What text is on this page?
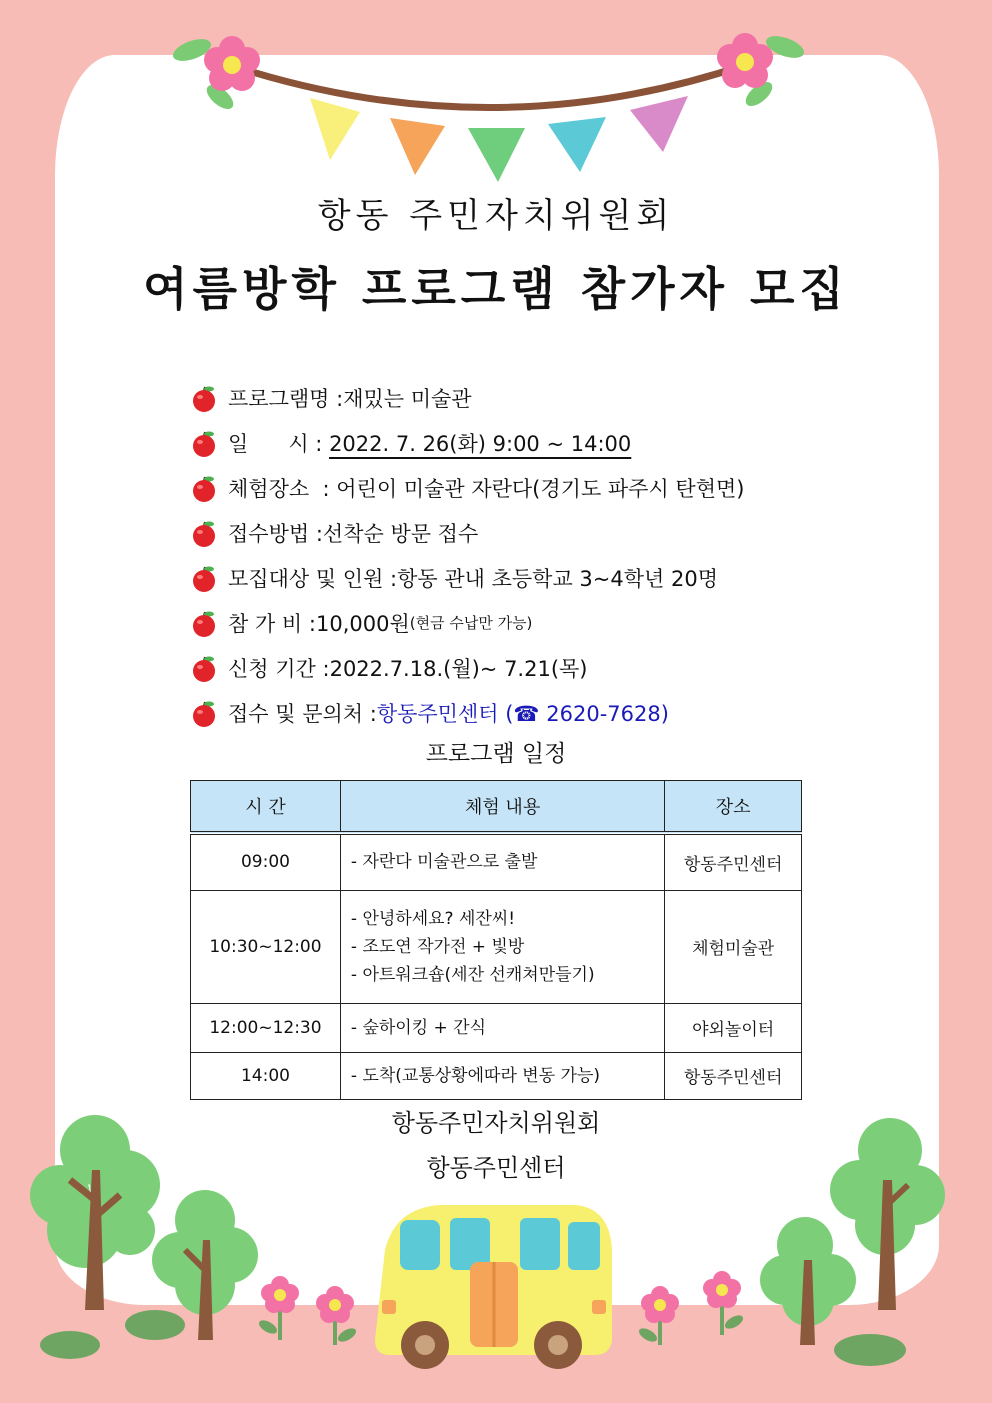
항동 주민자치위원회
여름방학 프로그램 참가자 모집
프로그램명 : 재밌는 미술관
일      시 : 2022. 7. 26(화) 9:00 ~ 14:00
체험장소  : 어린이 미술관 자란다(경기도 파주시 탄현면)
접수방법 : 선착순 방문 접수
모집대상 및 인원 : 항동 관내 초등학교 3~4학년 20명
참 가 비 : 10,000원 (현금 수납만 가능)
신청 기간 : 2022.7.18.(월)~ 7.21(목)
접수 및 문의처 : 항동주민센터 (☎ 2620-7628)
프로그램 일정
시 간	체험 내용	장소
09:00	- 자란다 미술관으로 출발	항동주민센터
10:30~12:00	- 안녕하세요? 세잔씨!
- 조도연 작가전 + 빛방
- 아트워크숍(세잔 선캐쳐만들기)	체험미술관
12:00~12:30	- 숲하이킹 + 간식	야외놀이터
14:00	- 도착(교통상황에따라 변동 가능)	항동주민센터
항동주민자치위원회
항동주민센터
